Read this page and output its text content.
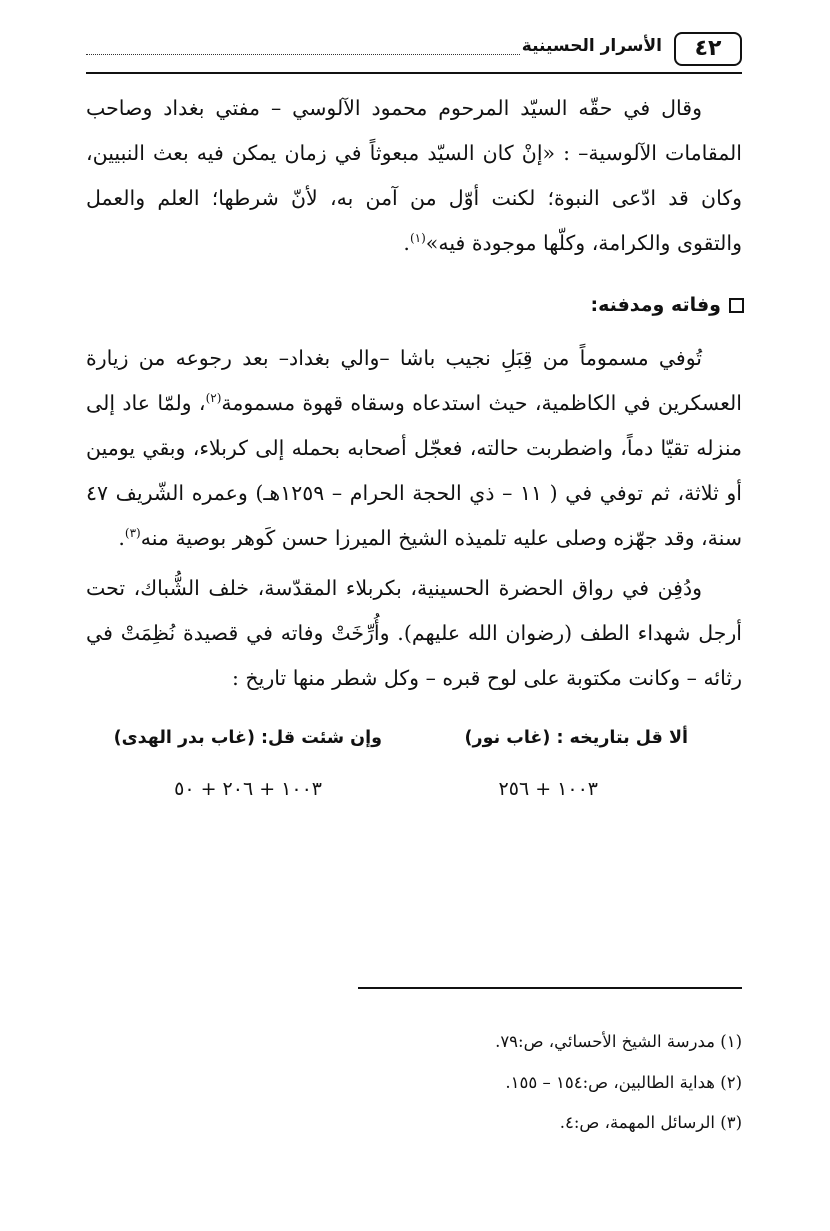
٤٢
الأسرار الحسينية
وقال في حقّه السيّد المرحوم محمود الآلوسي – مفتي بغداد وصاحب المقامات الآلوسية– : «إنْ كان السيّد مبعوثاً في زمان يمكن فيه بعث النبيين، وكان قد ادّعى النبوة؛ لكنت أوّل من آمن به، لأنّ شرطها؛ العلم والعمل والتقوى والكرامة، وكلّها موجودة فيه»$^{(١)}$.
وفاته ومدفنه:
تُوفي مسموماً من قِبَلِ نجيب باشا –والي بغداد– بعد رجوعه من زيارة العسكرين في الكاظمية، حيث استدعاه وسقاه قهوة مسمومة$^{(٢)}$، ولمّا عاد إلى منزله تقيّا دماً، واضطربت حالته، فعجّل أصحابه بحمله إلى كربلاء، وبقي يومين أو ثلاثة، ثم توفي في ( ١١ – ذي الحجة الحرام – ١٢٥٩هـ) وعمره الشّريف ٤٧ سنة، وقد جهّزه وصلى عليه تلميذه الشيخ الميرزا حسن كَوهر بوصية منه$^{(٣)}$.
ودُفِن في رواق الحضرة الحسينية، بكربلاء المقدّسة، خلف الشُّباك، تحت أرجل شهداء الطف (رضوان الله عليهم). وأُرِّخَتْ وفاته في قصيدة نُظِمَتْ في رثائه – وكانت مكتوبة على لوح قبره – وكل شطر منها تاريخ :
ألا قل بتاريخه : (غاب نور)
وإن شئت قل: (غاب بدر الهدى)
١٠٠٣ + ٢٥٦
١٠٠٣ + ٢٠٦ + ٥٠
(١) مدرسة الشيخ الأحسائي، ص:٧٩.
(٢) هداية الطالبين، ص:١٥٤ – ١٥٥.
(٣) الرسائل المهمة، ص:٤.
